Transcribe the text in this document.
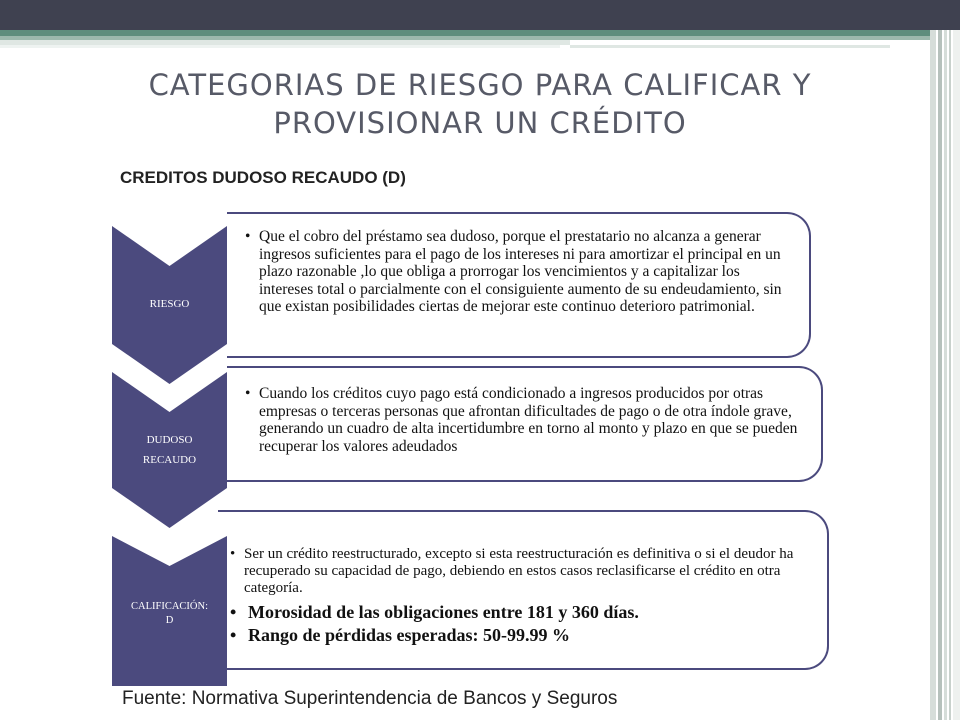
CATEGORIAS DE RIESGO PARA CALIFICAR Y
PROVISIONAR UN CRÉDITO
CREDITOS DUDOSO RECAUDO (D)
• Que el cobro del préstamo sea dudoso, porque el prestatario no alcanza a generar ingresos suficientes para el pago de los intereses ni para amortizar el principal en un plazo razonable ,lo que obliga a prorrogar los vencimientos y a capitalizar los intereses total o parcialmente con el consiguiente aumento de su endeudamiento, sin que existan posibilidades ciertas de mejorar este continuo deterioro patrimonial.
RIESGO
• Cuando los créditos cuyo pago está condicionado a ingresos producidos por otras empresas o terceras personas que afrontan dificultades de pago o de otra índole grave, generando un cuadro de alta incertidumbre en torno al monto y plazo en que se pueden recuperar los valores adeudados
DUDOSO
RECAUDO
• Ser un crédito reestructurado, excepto si esta reestructuración es definitiva o si el deudor ha recuperado su capacidad de pago, debiendo en estos casos reclasificarse el crédito en otra categoría.
• Morosidad de las obligaciones entre 181 y 360 días.
• Rango de pérdidas esperadas: 50-99.99 %
CALIFICACIÓN:
D
Fuente: Normativa Superintendencia de Bancos y Seguros
